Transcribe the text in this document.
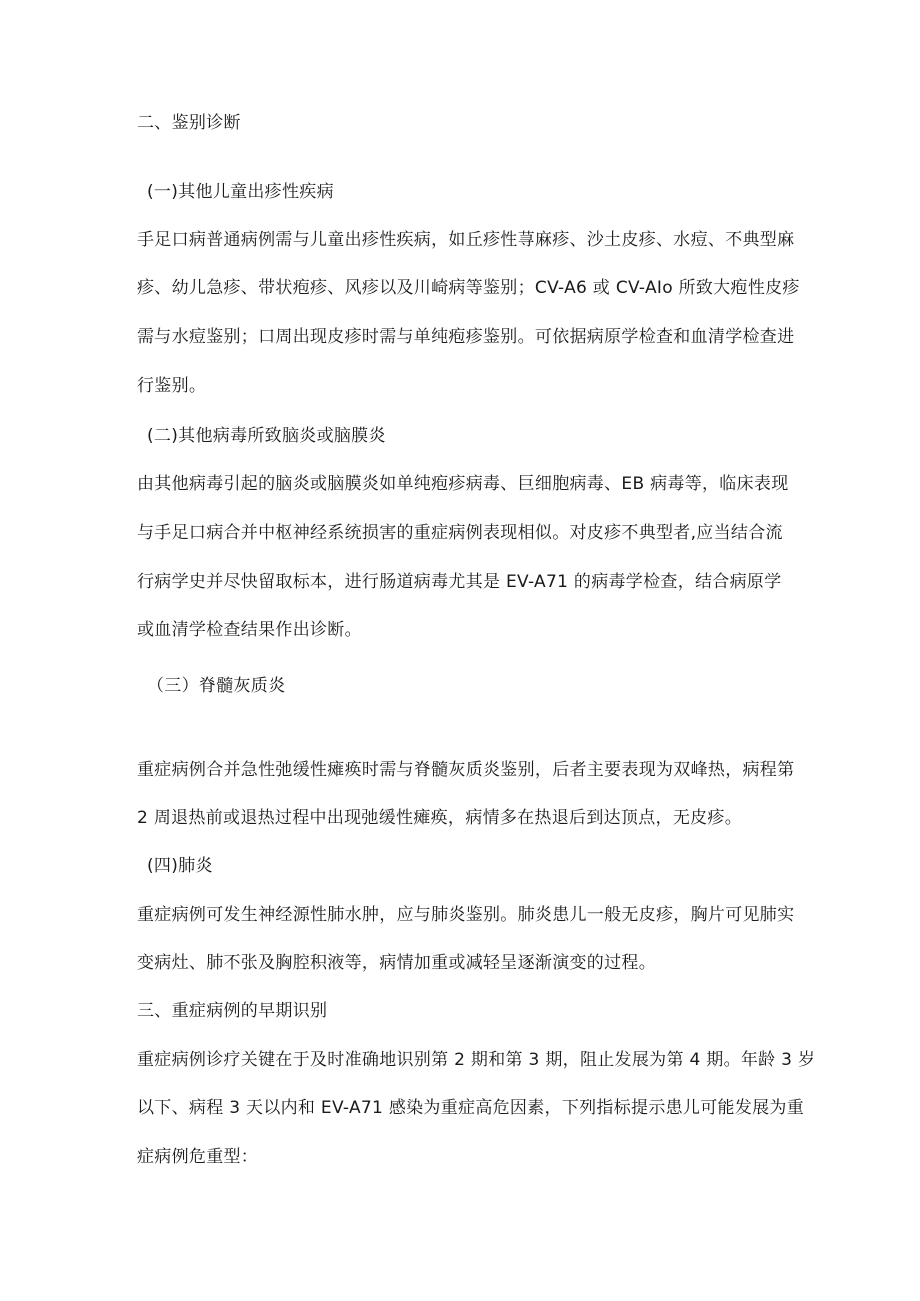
二、鉴别诊断
(一)其他儿童出疹性疾病
手足口病普通病例需与儿童出疹性疾病，如丘疹性荨麻疹、沙土皮疹、水痘、不典型麻
疹、幼儿急疹、带状疱疹、风疹以及川崎病等鉴别；CV-A6 或 CV-AIo 所致大疱性皮疹
需与水痘鉴别；口周出现皮疹时需与单纯疱疹鉴别。可依据病原学检查和血清学检查进
行鉴别。
(二)其他病毒所致脑炎或脑膜炎
由其他病毒引起的脑炎或脑膜炎如单纯疱疹病毒、巨细胞病毒、EB 病毒等，临床表现
与手足口病合并中枢神经系统损害的重症病例表现相似。对皮疹不典型者,应当结合流
行病学史并尽快留取标本，进行肠道病毒尤其是 EV-A71 的病毒学检查，结合病原学
或血清学检查结果作出诊断。
（三）脊髓灰质炎
重症病例合并急性弛缓性瘫痪时需与脊髓灰质炎鉴别，后者主要表现为双峰热，病程第
2 周退热前或退热过程中出现弛缓性瘫痪，病情多在热退后到达顶点，无皮疹。
(四)肺炎
重症病例可发生神经源性肺水肿，应与肺炎鉴别。肺炎患儿一般无皮疹，胸片可见肺实
变病灶、肺不张及胸腔积液等，病情加重或减轻呈逐渐演变的过程。
三、重症病例的早期识别
重症病例诊疗关键在于及时准确地识别第 2 期和第 3 期，阻止发展为第 4 期。年龄 3 岁
以下、病程 3 天以内和 EV-A71 感染为重症高危因素，下列指标提示患儿可能发展为重
症病例危重型：
